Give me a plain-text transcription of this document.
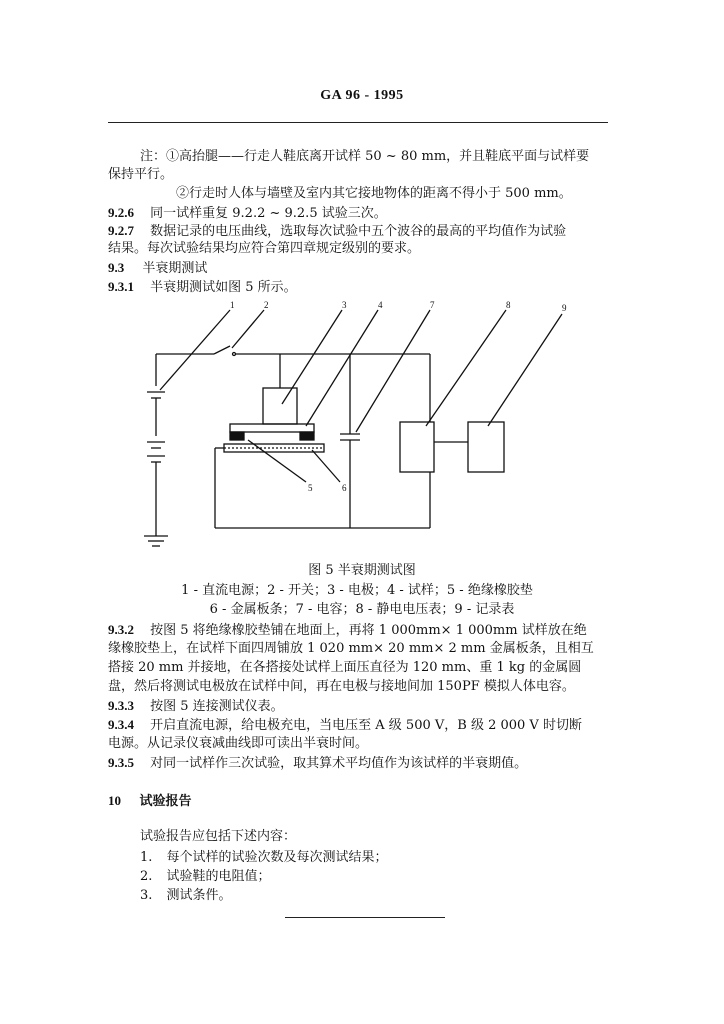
GA 96 - 1995
注：①高抬腿——行走人鞋底离开试样 50 ~ 80 mm，并且鞋底平面与试样要
保持平行。
②行走时人体与墙壁及室内其它接地物体的距离不得小于 500 mm。
9.2.6 同一试样重复 9.2.2 ~ 9.2.5 试验三次。
9.2.7 数据记录的电压曲线，选取每次试验中五个波谷的最高的平均值作为试验
结果。每次试验结果均应符合第四章规定级别的要求。
9.3 半衰期测试
9.3.1 半衰期测试如图 5 所示。
1	2	3	4	7	8	9
5	6
图 5 半衰期测试图
1 - 直流电源；2 - 开关；3 - 电极；4 - 试样；5 - 绝缘橡胶垫
6 - 金属板条；7 - 电容；8 - 静电电压表；9 - 记录表
9.3.2 按图 5 将绝缘橡胶垫铺在地面上，再将 1 000mm× 1 000mm 试样放在绝
缘橡胶垫上，在试样下面四周铺放 1 020 mm× 20 mm× 2 mm 金属板条，且相互
搭接 20 mm 并接地，在各搭接处试样上面压直径为 120 mm、重 1 kg 的金属圆
盘，然后将测试电极放在试样中间，再在电极与接地间加 150PF 模拟人体电容。
9.3.3 按图 5 连接测试仪表。
9.3.4 开启直流电源，给电极充电，当电压至 A 级 500 V，B 级 2 000 V 时切断
电源。从记录仪衰减曲线即可读出半衰时间。
9.3.5 对同一试样作三次试验，取其算术平均值作为该试样的半衰期值。
10 试验报告
试验报告应包括下述内容：
1. 每个试样的试验次数及每次测试结果；
2. 试验鞋的电阻值；
3. 测试条件。
